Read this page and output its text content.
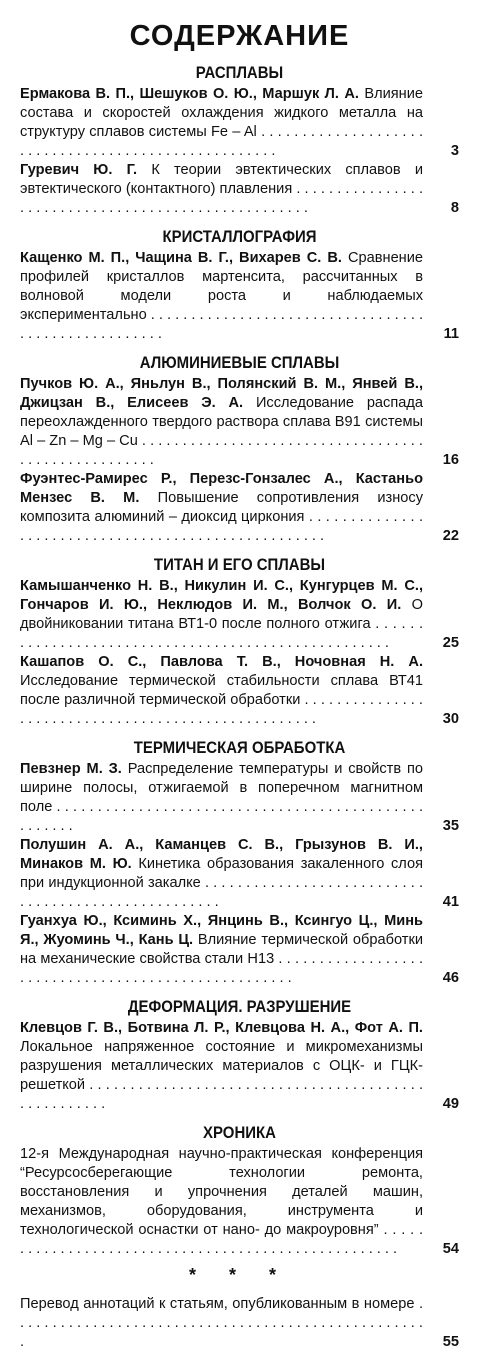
СОДЕРЖАНИЕ
РАСПЛАВЫ
Ермакова В. П., Шешуков О. Ю., Маршук Л. А. Влияние состава и скоростей охлаждения жидкого металла на структуру сплавов системы Fe – Al . . .
3
Гуревич Ю. Г. К теории эвтектических сплавов и эвтектического (контактного) плавления . . .
8
КРИСТАЛЛОГРАФИЯ
Кащенко М. П., Чащина В. Г., Вихарев С. В. Сравнение профилей кристаллов мартенсита, рассчитанных в волновой модели роста и наблюдаемых экспериментально . . .
11
АЛЮМИНИЕВЫЕ СПЛАВЫ
Пучков Ю. А., Яньлун В., Полянский В. М., Янвей В., Джицзан В., Елисеев Э. А. Исследование распада переохлажденного твердого раствора сплава В91 системы Al – Zn – Mg – Cu . . .
16
Фуэнтес-Рамирес Р., Перезс-Гонзалес А., Кастаньо Мензес В. М. Повышение сопротивления износу композита алюминий – диоксид циркония . . .
22
ТИТАН И ЕГО СПЛАВЫ
Камышанченко Н. В., Никулин И. С., Кунгурцев М. С., Гончаров И. Ю., Неклюдов И. М., Волчок О. И. О двойниковании титана ВТ1-0 после полного отжига . . .
25
Кашапов О. С., Павлова Т. В., Ночовная Н. А. Исследование термической стабильности сплава ВТ41 после различной термической обработки . . .
30
ТЕРМИЧЕСКАЯ ОБРАБОТКА
Певзнер М. З. Распределение температуры и свойств по ширине полосы, отжигаемой в поперечном магнитном поле . . .
35
Полушин А. А., Каманцев С. В., Грызунов В. И., Минаков М. Ю. Кинетика образования закаленного слоя при индукционной закалке . . .
41
Гуанхуа Ю., Ксиминь Х., Янцинь В., Ксингуо Ц., Минь Я., Жуоминь Ч., Кань Ц. Влияние термической обработки на механические свойства стали Н13 . . .
46
ДЕФОРМАЦИЯ. РАЗРУШЕНИЕ
Клевцов Г. В., Ботвина Л. Р., Клевцова Н. А., Фот А. П. Локальное напряженное состояние и микромеханизмы разрушения металлических материалов с ОЦК- и ГЦК-решеткой . . .
49
ХРОНИКА
12-я Международная научно-практическая конференция “Ресурсосберегающие технологии ремонта, восстановления и упрочнения деталей машин, механизмов, оборудования, инструмента и технологической оснастки от нано- до макроуровня” . . .
54
* * *
Перевод аннотаций к статьям, опубликованным в номере . . .
55
